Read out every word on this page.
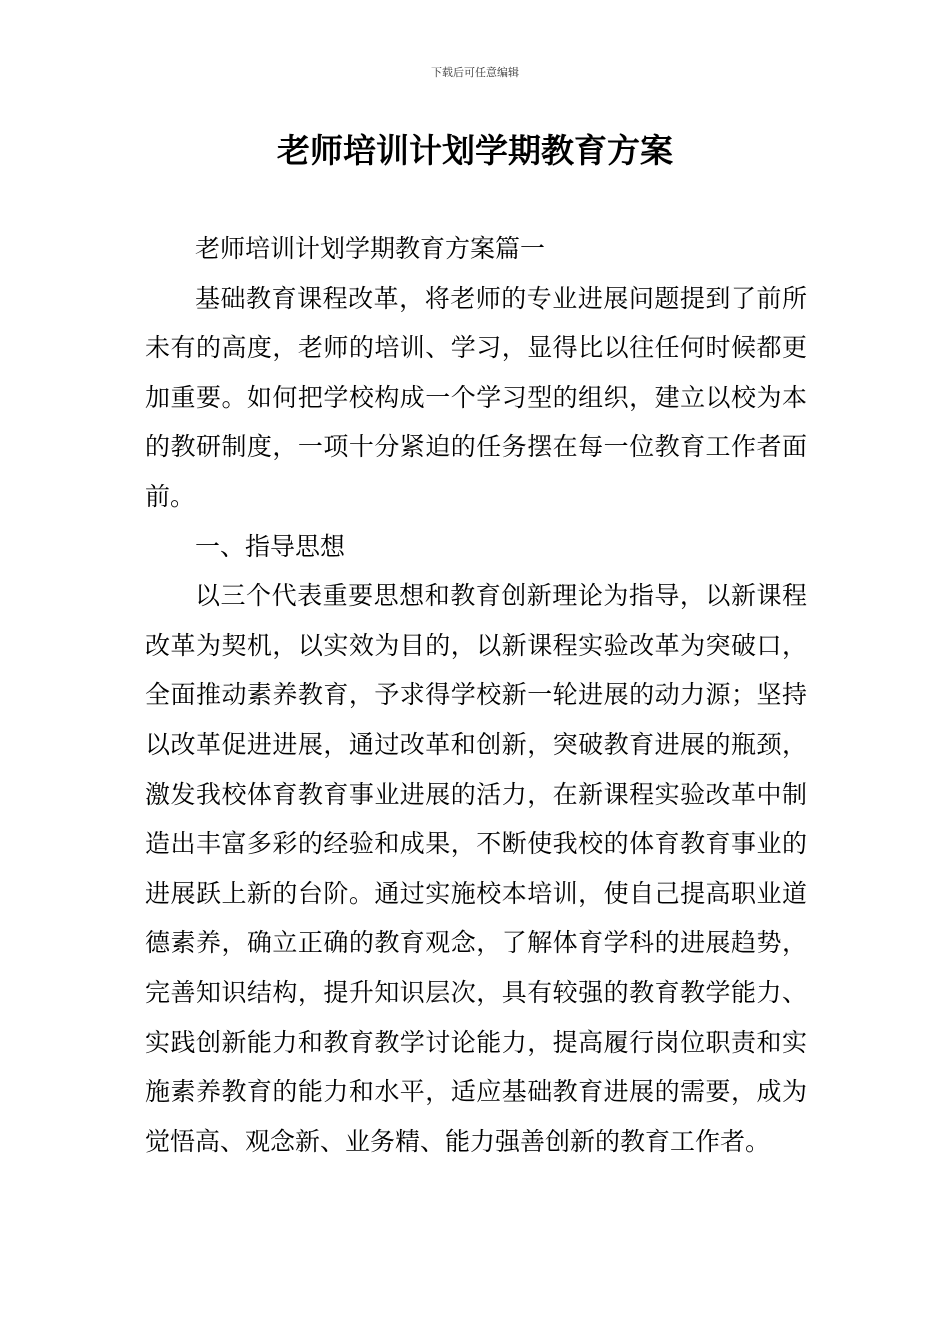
下载后可任意编辑
老师培训计划学期教育方案

老师培训计划学期教育方案篇一

基础教育课程改革，将老师的专业进展问题提到了前所未有的高度，老师的培训、学习，显得比以往任何时候都更加重要。如何把学校构成一个学习型的组织，建立以校为本的教研制度，一项十分紧迫的任务摆在每一位教育工作者面前。

一、指导思想

以三个代表重要思想和教育创新理论为指导，以新课程改革为契机，以实效为目的，以新课程实验改革为突破口，全面推动素养教育，予求得学校新一轮进展的动力源；坚持以改革促进进展，通过改革和创新，突破教育进展的瓶颈，激发我校体育教育事业进展的活力，在新课程实验改革中制造出丰富多彩的经验和成果，不断使我校的体育教育事业的进展跃上新的台阶。通过实施校本培训，使自己提高职业道德素养，确立正确的教育观念，了解体育学科的进展趋势，完善知识结构，提升知识层次，具有较强的教育教学能力、实践创新能力和教育教学讨论能力，提高履行岗位职责和实施素养教育的能力和水平，适应基础教育进展的需要，成为觉悟高、观念新、业务精、能力强善创新的教育工作者。
